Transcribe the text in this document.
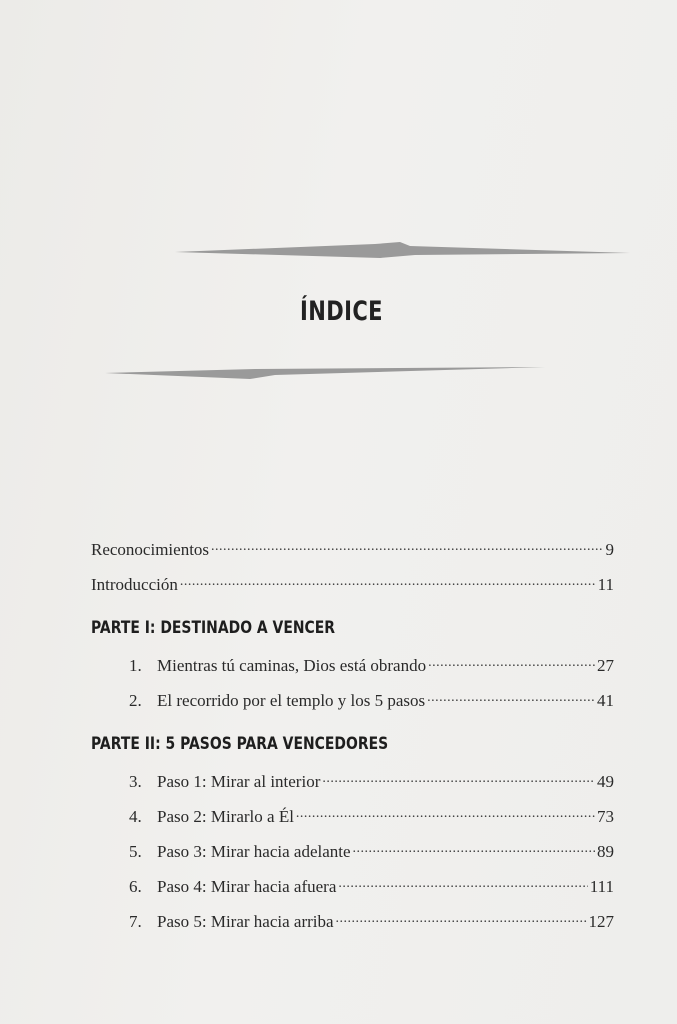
ÍNDICE
Reconocimientos .....	9
Introducción .....	11
PARTE I: DESTINADO A VENCER
1. Mientras tú caminas, Dios está obrando .....	27
2. El recorrido por el templo y los 5 pasos .....	41
PARTE II: 5 PASOS PARA VENCEDORES
3. Paso 1: Mirar al interior .....	49
4. Paso 2: Mirarlo a Él .....	73
5. Paso 3: Mirar hacia adelante .....	89
6. Paso 4: Mirar hacia afuera .....	111
7. Paso 5: Mirar hacia arriba .....	127
